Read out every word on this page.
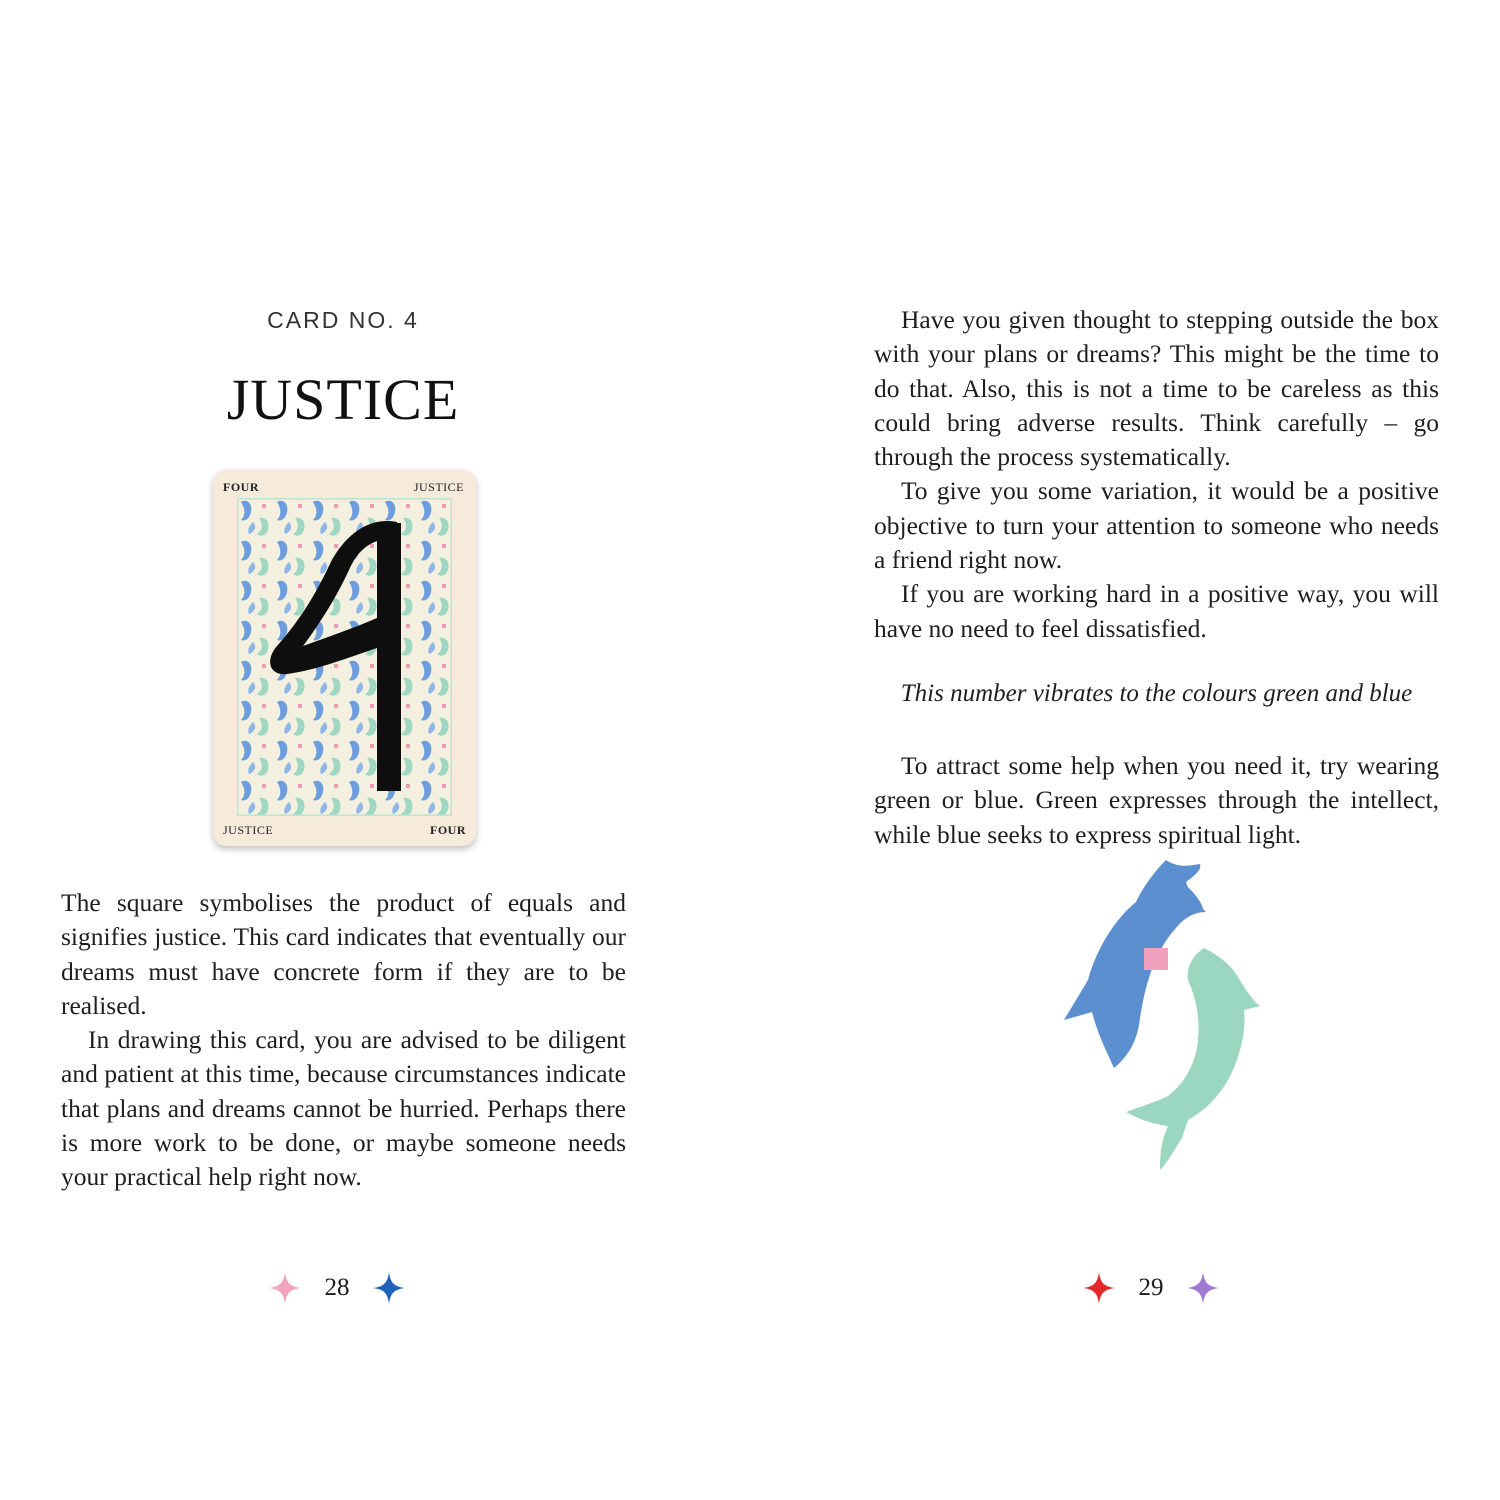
CARD NO. 4
JUSTICE
FOUR	JUSTICE
JUSTICE	FOUR

The square symbolises the product of equals and signifies justice. This card indicates that eventually our dreams must have concrete form if they are to be realised.

In drawing this card, you are advised to be diligent and patient at this time, because circumstances indicate that plans and dreams cannot be hurried. Perhaps there is more work to be done, or maybe someone needs your practical help right now.

28

Have you given thought to stepping outside the box with your plans or dreams? This might be the time to do that. Also, this is not a time to be careless as this could bring adverse results. Think carefully – go through the process systematically.

To give you some variation, it would be a positive objective to turn your attention to someone who needs a friend right now.

If you are working hard in a positive way, you will have no need to feel dissatisfied.

This number vibrates to the colours green and blue

To attract some help when you need it, try wearing green or blue. Green expresses through the intellect, while blue seeks to express spiritual light.

29
